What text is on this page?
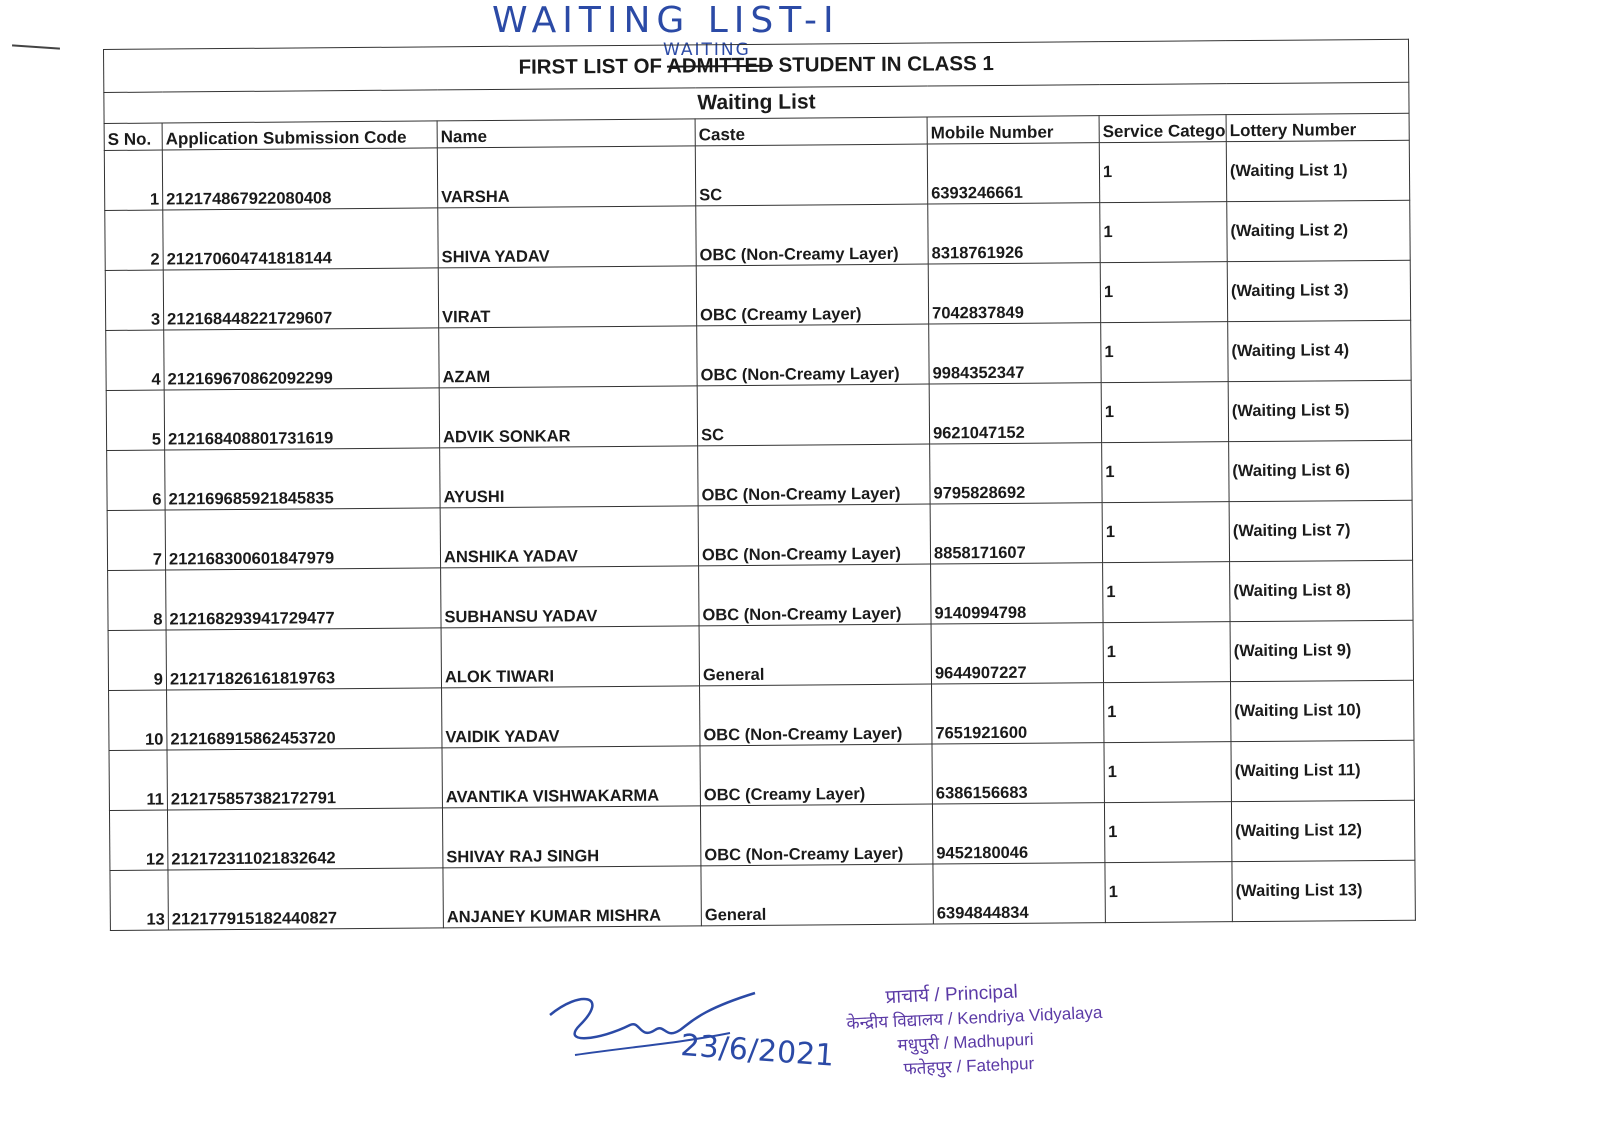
WAITING LIST-I
WAITING
FIRST LIST OF ADMITTED STUDENT IN CLASS 1						
Waiting List						
S No.	Application Submission Code	Name	Caste	Mobile Number	Service Catego	Lottery Number
1	212174867922080408	VARSHA	SC	6393246661	1	(Waiting List 1)
2	212170604741818144	SHIVA YADAV	OBC (Non-Creamy Layer)	8318761926	1	(Waiting List 2)
3	212168448221729607	VIRAT	OBC (Creamy Layer)	7042837849	1	(Waiting List 3)
4	212169670862092299	AZAM	OBC (Non-Creamy Layer)	9984352347	1	(Waiting List 4)
5	212168408801731619	ADVIK SONKAR	SC	9621047152	1	(Waiting List 5)
6	212169685921845835	AYUSHI	OBC (Non-Creamy Layer)	9795828692	1	(Waiting List 6)
7	212168300601847979	ANSHIKA YADAV	OBC (Non-Creamy Layer)	8858171607	1	(Waiting List 7)
8	212168293941729477	SUBHANSU YADAV	OBC (Non-Creamy Layer)	9140994798	1	(Waiting List 8)
9	212171826161819763	ALOK TIWARI	General	9644907227	1	(Waiting List 9)
10	212168915862453720	VAIDIK YADAV	OBC (Non-Creamy Layer)	7651921600	1	(Waiting List 10)
11	212175857382172791	AVANTIKA VISHWAKARMA	OBC (Creamy Layer)	6386156683	1	(Waiting List 11)
12	212172311021832642	SHIVAY RAJ SINGH	OBC (Non-Creamy Layer)	9452180046	1	(Waiting List 12)
13	212177915182440827	ANJANEY KUMAR MISHRA	General	6394844834	1	(Waiting List 13)
23/6/2021
प्राचार्य / Principal
केन्द्रीय विद्यालय / Kendriya Vidyalaya
मधुपुरी / Madhupuri
फतेहपुर / Fatehpur
